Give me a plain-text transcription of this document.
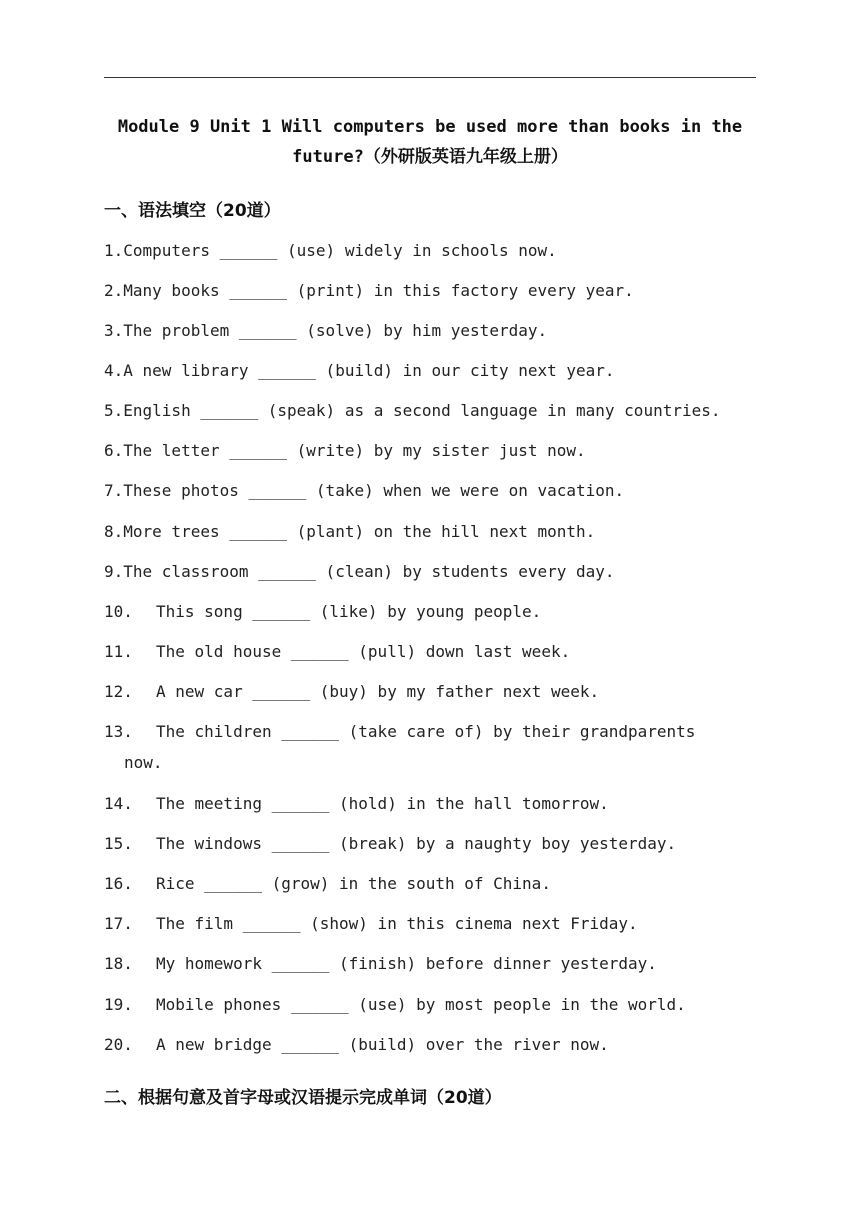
Module 9 Unit 1 Will computers be used more than books in the
future?（外研版英语九年级上册）
一、语法填空（20道）
1.Computers ______ (use) widely in schools now.
2.Many books ______ (print) in this factory every year.
3.The problem ______ (solve) by him yesterday.
4.A new library ______ (build) in our city next year.
5.English ______ (speak) as a second language in many countries.
6.The letter ______ (write) by my sister just now.
7.These photos ______ (take) when we were on vacation.
8.More trees ______ (plant) on the hill next month.
9.The classroom ______ (clean) by students every day.
10. This song ______ (like) by young people.
11. The old house ______ (pull) down last week.
12. A new car ______ (buy) by my father next week.
13. The children ______ (take care of) by their grandparents
now.
14. The meeting ______ (hold) in the hall tomorrow.
15. The windows ______ (break) by a naughty boy yesterday.
16. Rice ______ (grow) in the south of China.
17. The film ______ (show) in this cinema next Friday.
18. My homework ______ (finish) before dinner yesterday.
19. Mobile phones ______ (use) by most people in the world.
20. A new bridge ______ (build) over the river now.
二、根据句意及首字母或汉语提示完成单词（20道）
